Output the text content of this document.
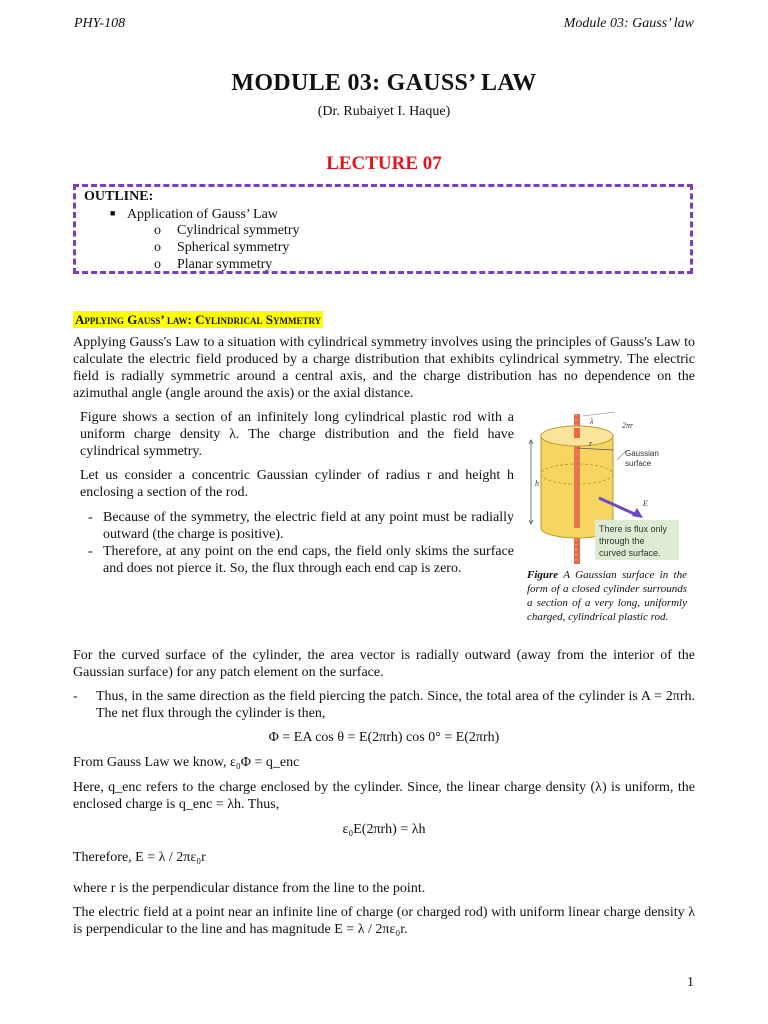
PHY-108	Module 03: Gauss’ law
MODULE 03: GAUSS’ LAW
(Dr. Rubaiyet I. Haque)
LECTURE 07
OUTLINE:
■ Application of Gauss’ Law
o Cylindrical symmetry
o Spherical symmetry
o Planar symmetry
Applying Gauss’ law: Cylindrical Symmetry
Applying Gauss's Law to a situation with cylindrical symmetry involves using the principles of Gauss's Law to calculate the electric field produced by a charge distribution that exhibits cylindrical symmetry. The electric field is radially symmetric around a central axis, and the charge distribution has no dependence on the azimuthal angle (angle around the axis) or the axial distance.
Figure shows a section of an infinitely long cylindrical plastic rod with a uniform charge density λ. The charge distribution and the field have cylindrical symmetry.
Let us consider a concentric Gaussian cylinder of radius r and height h enclosing a section of the rod.
- Because of the symmetry, the electric field at any point must be radially outward (the charge is positive).
- Therefore, at any point on the end caps, the field only skims the surface and does not pierce it. So, the flux through each end cap is zero.
λ	2πr
Gaussian
surface
h
r
E
There is flux only
through the
curved surface.
Figure A Gaussian surface in the form of a closed cylinder surrounds a section of a very long, uniformly charged, cylindrical plastic rod.
For the curved surface of the cylinder, the area vector is radially outward (away from the interior of the Gaussian surface) for any patch element on the surface.
- Thus, in the same direction as the field piercing the patch. Since, the total area of the cylinder is A = 2πrh. The net flux through the cylinder is then,
Φ = EA cos θ = E(2πrh) cos 0° = E(2πrh)
From Gauss Law we know, ε₀Φ = q_enc
Here, q_enc refers to the charge enclosed by the cylinder. Since, the linear charge density (λ) is uniform, the enclosed charge is q_enc = λh. Thus,
ε₀E(2πrh) = λh
Therefore, E = λ / 2πε₀r
where r is the perpendicular distance from the line to the point.
The electric field at a point near an infinite line of charge (or charged rod) with uniform linear charge density λ is perpendicular to the line and has magnitude E = λ / 2πε₀r.
1
